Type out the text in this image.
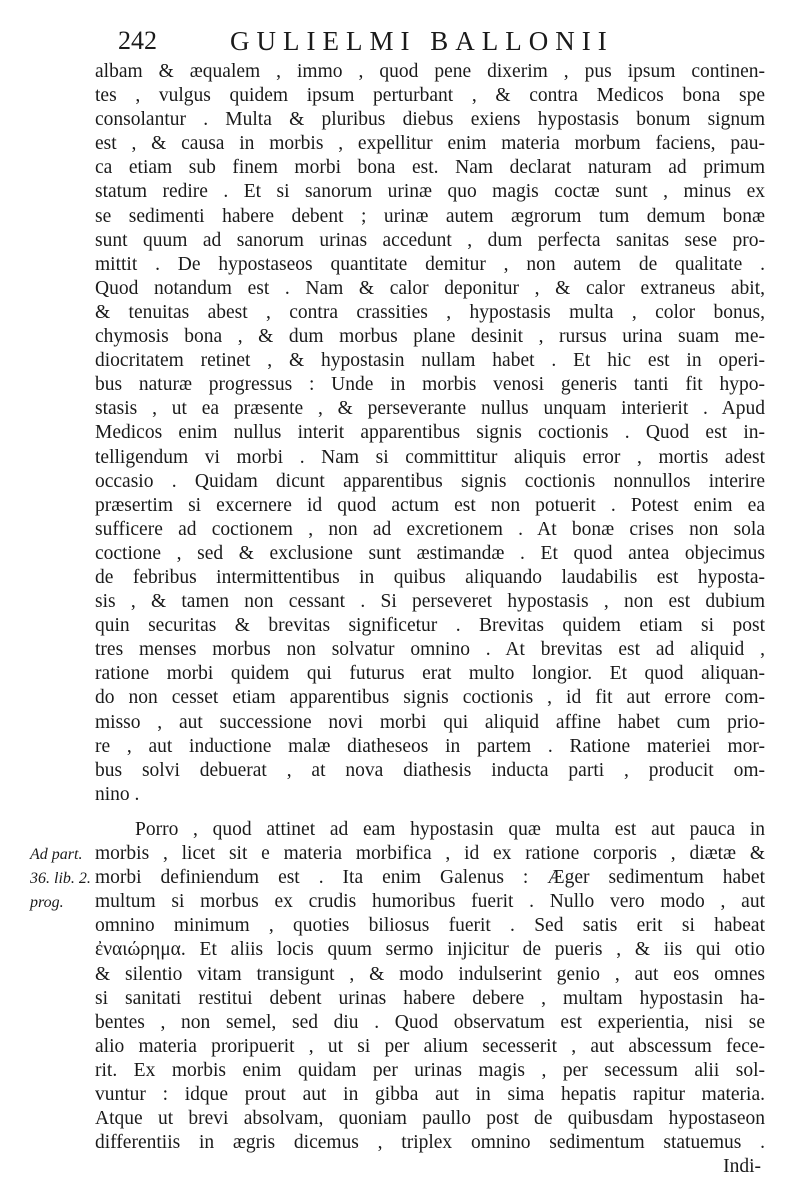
242	GULIELMI BALLONII
albam & æqualem , immo , quod pene dixerim , pus ipsum continen-
tes , vulgus quidem ipsum perturbant , & contra Medicos bona spe
consolantur . Multa & pluribus diebus exiens hypostasis bonum signum
est , & causa in morbis , expellitur enim materia morbum faciens, pau-
ca etiam sub finem morbi bona est. Nam declarat naturam ad primum
statum redire . Et si sanorum urinæ quo magis coctæ sunt , minus ex
se sedimenti habere debent ; urinæ autem ægrorum tum demum bonæ
sunt quum ad sanorum urinas accedunt , dum perfecta sanitas sese pro-
mittit . De hypostaseos quantitate demitur , non autem de qualitate .
Quod notandum est . Nam & calor deponitur , & calor extraneus abit,
& tenuitas abest , contra crassities , hypostasis multa , color bonus,
chymosis bona , & dum morbus plane desinit , rursus urina suam me-
diocritatem retinet , & hypostasin nullam habet . Et hic est in operi-
bus naturæ progressus : Unde in morbis venosi generis tanti fit hypo-
stasis , ut ea præsente , & perseverante nullus unquam interierit . Apud
Medicos enim nullus interit apparentibus signis coctionis . Quod est in-
telligendum vi morbi . Nam si committitur aliquis error , mortis adest
occasio . Quidam dicunt apparentibus signis coctionis nonnullos interire
præsertim si excernere id quod actum est non potuerit . Potest enim ea
sufficere ad coctionem , non ad excretionem . At bonæ crises non sola
coctione , sed & exclusione sunt æstimandæ . Et quod antea objecimus
de febribus intermittentibus in quibus aliquando laudabilis est hyposta-
sis , & tamen non cessant . Si perseveret hypostasis , non est dubium
quin securitas & brevitas significetur . Brevitas quidem etiam si post
tres menses morbus non solvatur omnino . At brevitas est ad aliquid ,
ratione morbi quidem qui futurus erat multo longior. Et quod aliquan-
do non cesset etiam apparentibus signis coctionis , id fit aut errore com-
misso , aut successione novi morbi qui aliquid affine habet cum prio-
re , aut inductione malæ diatheseos in partem . Ratione materiei mor-
bus solvi debuerat , at nova diathesis inducta parti , producit om-
nino .
Ad part.
36. lib. 2.
prog.
Porro , quod attinet ad eam hypostasin quæ multa est aut pauca in
morbis , licet sit e materia morbifica , id ex ratione corporis , diætæ &
morbi definiendum est . Ita enim Galenus : Æger sedimentum habet
multum si morbus ex crudis humoribus fuerit . Nullo vero modo , aut
omnino minimum , quoties biliosus fuerit . Sed satis erit si habeat
ἐναιώρημα. Et aliis locis quum sermo injicitur de pueris , & iis qui otio
& silentio vitam transigunt , & modo indulserint genio , aut eos omnes
si sanitati restitui debent urinas habere debere , multam hypostasin ha-
bentes , non semel, sed diu . Quod observatum est experientia, nisi se
alio materia proripuerit , ut si per alium secesserit , aut abscessum fece-
rit. Ex morbis enim quidam per urinas magis , per secessum alii sol-
vuntur : idque prout aut in gibba aut in sima hepatis rapitur materia.
Atque ut brevi absolvam, quoniam paullo post de quibusdam hypostaseon
differentiis in ægris dicemus , triplex omnino sedimentum statuemus .
Indi-
